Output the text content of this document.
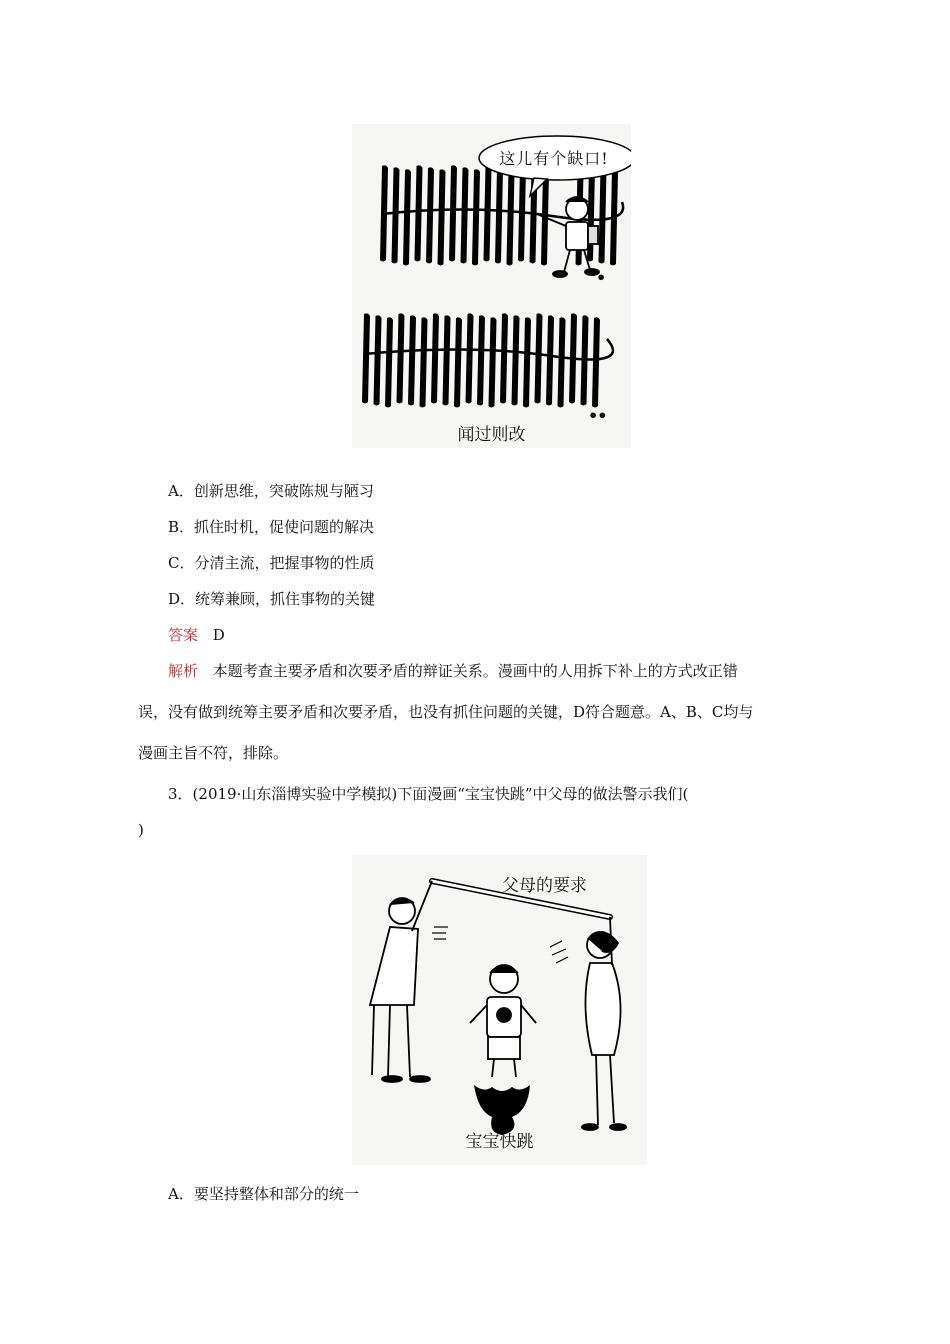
这儿有个缺口!
•
••
闻过则改
A．创新思维，突破陈规与陋习
B．抓住时机，促使问题的解决
C．分清主流，把握事物的性质
D．统筹兼顾，抓住事物的关键
答案 D
解析 本题考查主要矛盾和次要矛盾的辩证关系。漫画中的人用拆下补上的方式改正错
误，没有做到统筹主要矛盾和次要矛盾，也没有抓住问题的关键，D符合题意。A、B、C均与
漫画主旨不符，排除。
3．(2019·山东淄博实验中学模拟)下面漫画“宝宝快跳”中父母的做法警示我们(
)
父母的要求
宝宝快跳
A．要坚持整体和部分的统一
